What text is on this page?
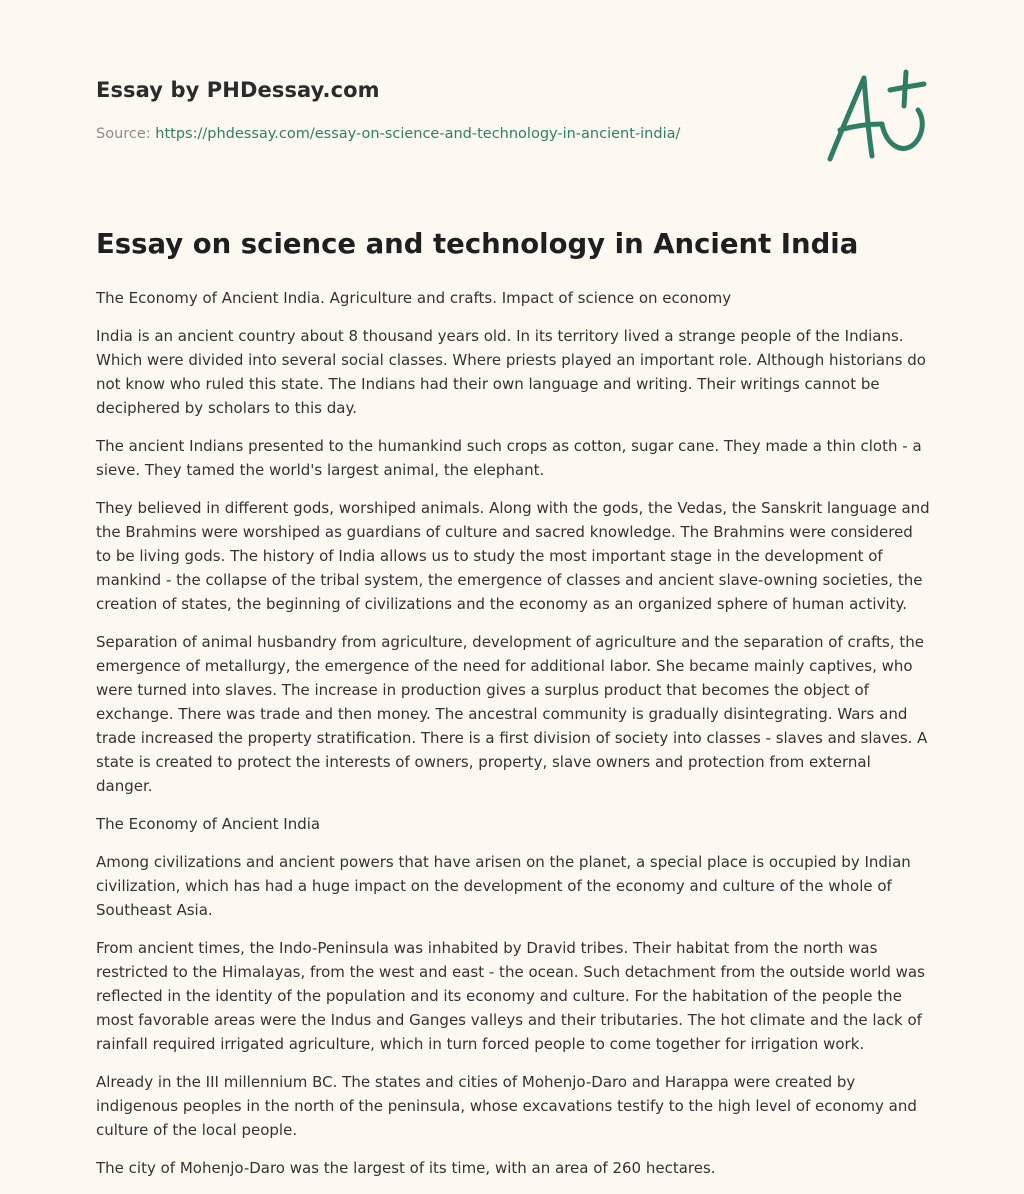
Essay by PHDessay.com
Source: https://phdessay.com/essay-on-science-and-technology-in-ancient-india/
Essay on science and technology in Ancient India

The Economy of Ancient India. Agriculture and crafts. Impact of science on economy

India is an ancient country about 8 thousand years old. In its territory lived a strange people of the Indians. Which were divided into several social classes. Where priests played an important role. Although historians do not know who ruled this state. The Indians had their own language and writing. Their writings cannot be deciphered by scholars to this day.

The ancient Indians presented to the humankind such crops as cotton, sugar cane. They made a thin cloth - a sieve. They tamed the world's largest animal, the elephant.

They believed in different gods, worshiped animals. Along with the gods, the Vedas, the Sanskrit language and the Brahmins were worshiped as guardians of culture and sacred knowledge. The Brahmins were considered to be living gods. The history of India allows us to study the most important stage in the development of mankind - the collapse of the tribal system, the emergence of classes and ancient slave-owning societies, the creation of states, the beginning of civilizations and the economy as an organized sphere of human activity.

Separation of animal husbandry from agriculture, development of agriculture and the separation of crafts, the emergence of metallurgy, the emergence of the need for additional labor. She became mainly captives, who were turned into slaves. The increase in production gives a surplus product that becomes the object of exchange. There was trade and then money. The ancestral community is gradually disintegrating. Wars and trade increased the property stratification. There is a first division of society into classes - slaves and slaves. A state is created to protect the interests of owners, property, slave owners and protection from external danger.

The Economy of Ancient India

Among civilizations and ancient powers that have arisen on the planet, a special place is occupied by Indian civilization, which has had a huge impact on the development of the economy and culture of the whole of Southeast Asia.

From ancient times, the Indo-Peninsula was inhabited by Dravid tribes. Their habitat from the north was restricted to the Himalayas, from the west and east - the ocean. Such detachment from the outside world was reflected in the identity of the population and its economy and culture. For the habitation of the people the most favorable areas were the Indus and Ganges valleys and their tributaries. The hot climate and the lack of rainfall required irrigated agriculture, which in turn forced people to come together for irrigation work.

Already in the III millennium BC. The states and cities of Mohenjo-Daro and Harappa were created by indigenous peoples in the north of the peninsula, whose excavations testify to the high level of economy and culture of the local people.

The city of Mohenjo-Daro was the largest of its time, with an area of 260 hectares.
